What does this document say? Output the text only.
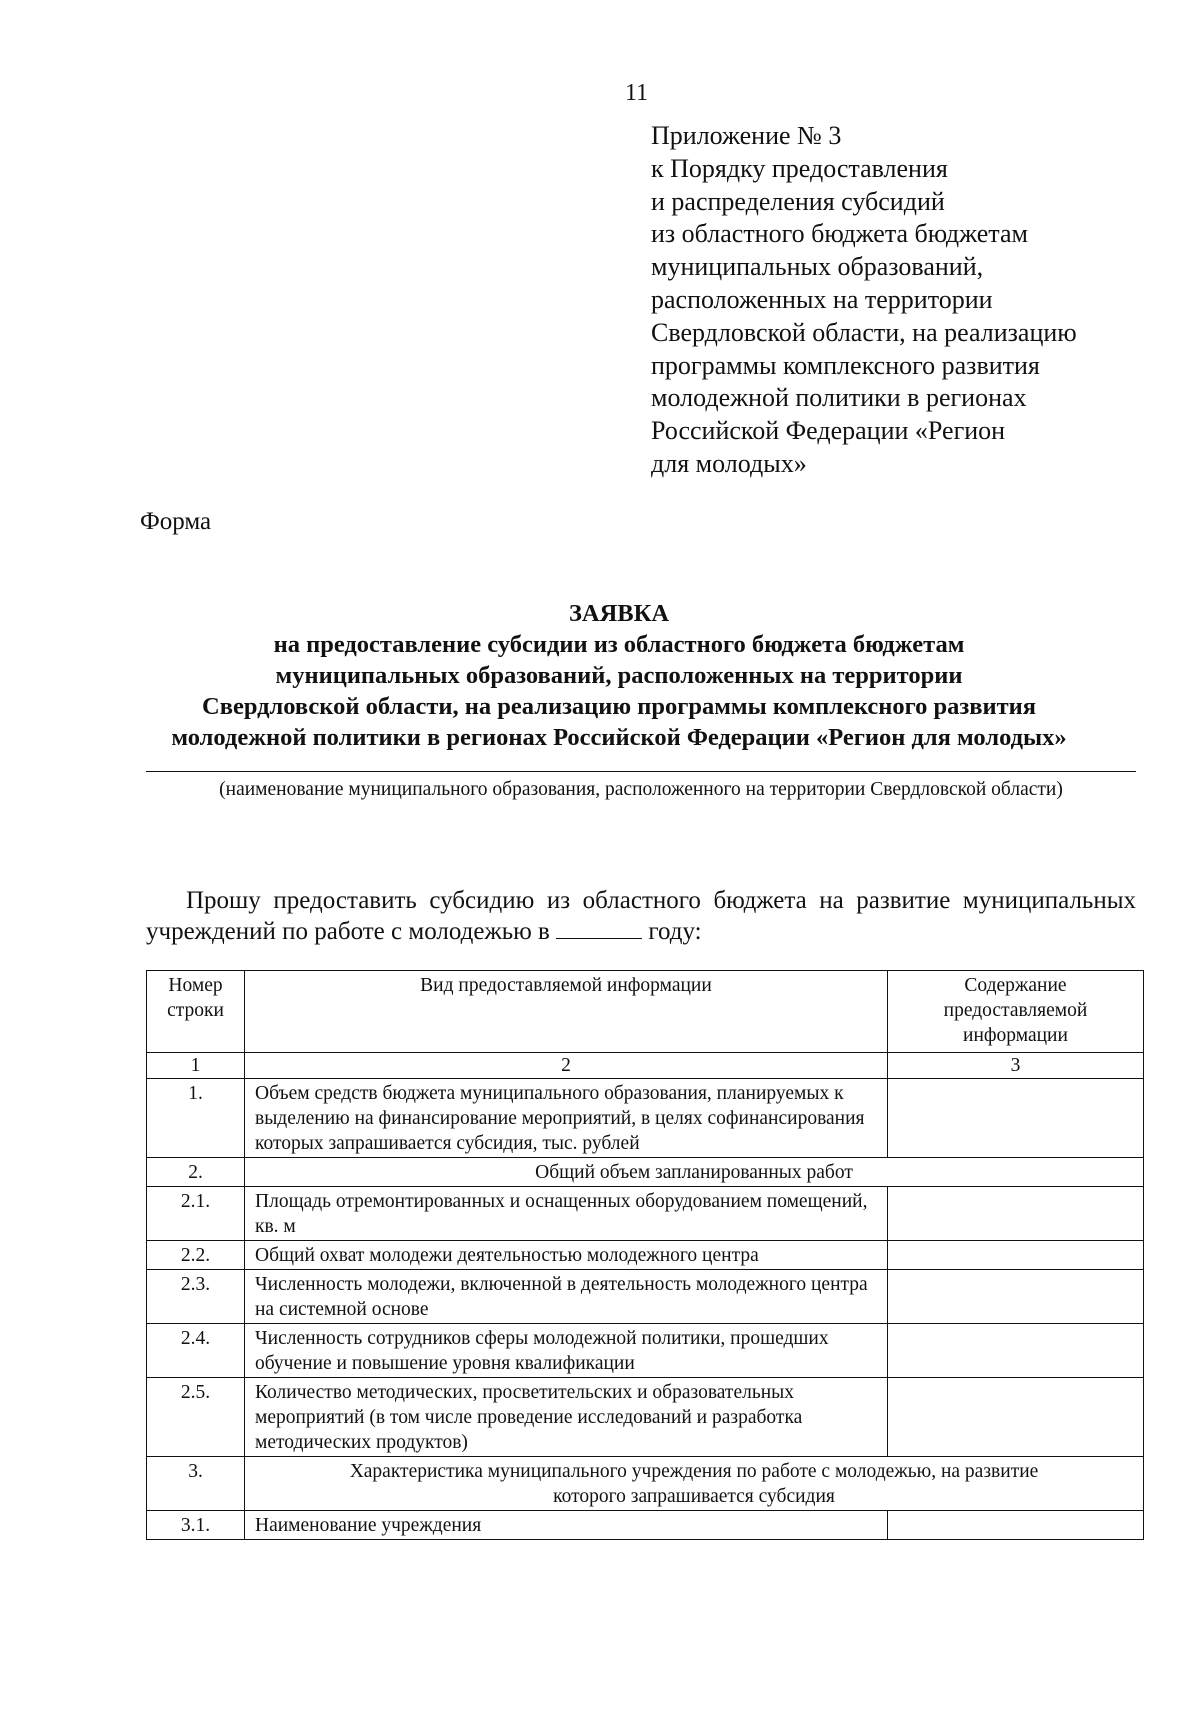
11
Приложение № 3
к Порядку предоставления
и распределения субсидий
из областного бюджета бюджетам
муниципальных образований,
расположенных на территории
Свердловской области, на реализацию
программы комплексного развития
молодежной политики в регионах
Российской Федерации «Регион
для молодых»
Форма
ЗАЯВКА
на предоставление субсидии из областного бюджета бюджетам
муниципальных образований, расположенных на территории
Свердловской области, на реализацию программы комплексного развития
молодежной политики в регионах Российской Федерации «Регион для молодых»
(наименование муниципального образования, расположенного на территории Свердловской области)
Прошу предоставить субсидию из областного бюджета на развитие муниципальных
учреждений по работе с молодежью в	году:
Номер строки	Вид предоставляемой информации	Содержание предоставляемой информации
1	2	3
1.	Объем средств бюджета муниципального образования, планируемых к выделению на финансирование мероприятий, в целях софинансирования которых запрашивается субсидия, тыс. рублей	
2.	Общий объем запланированных работ	
2.1.	Площадь отремонтированных и оснащенных оборудованием помещений, кв. м	
2.2.	Общий охват молодежи деятельностью молодежного центра	
2.3.	Численность молодежи, включенной в деятельность молодежного центра на системной основе	
2.4.	Численность сотрудников сферы молодежной политики, прошедших обучение и повышение уровня квалификации	
2.5.	Количество методических, просветительских и образовательных мероприятий (в том числе проведение исследований и разработка методических продуктов)	
3.	Характеристика муниципального учреждения по работе с молодежью, на развитие которого запрашивается субсидия	
3.1.	Наименование учреждения	
